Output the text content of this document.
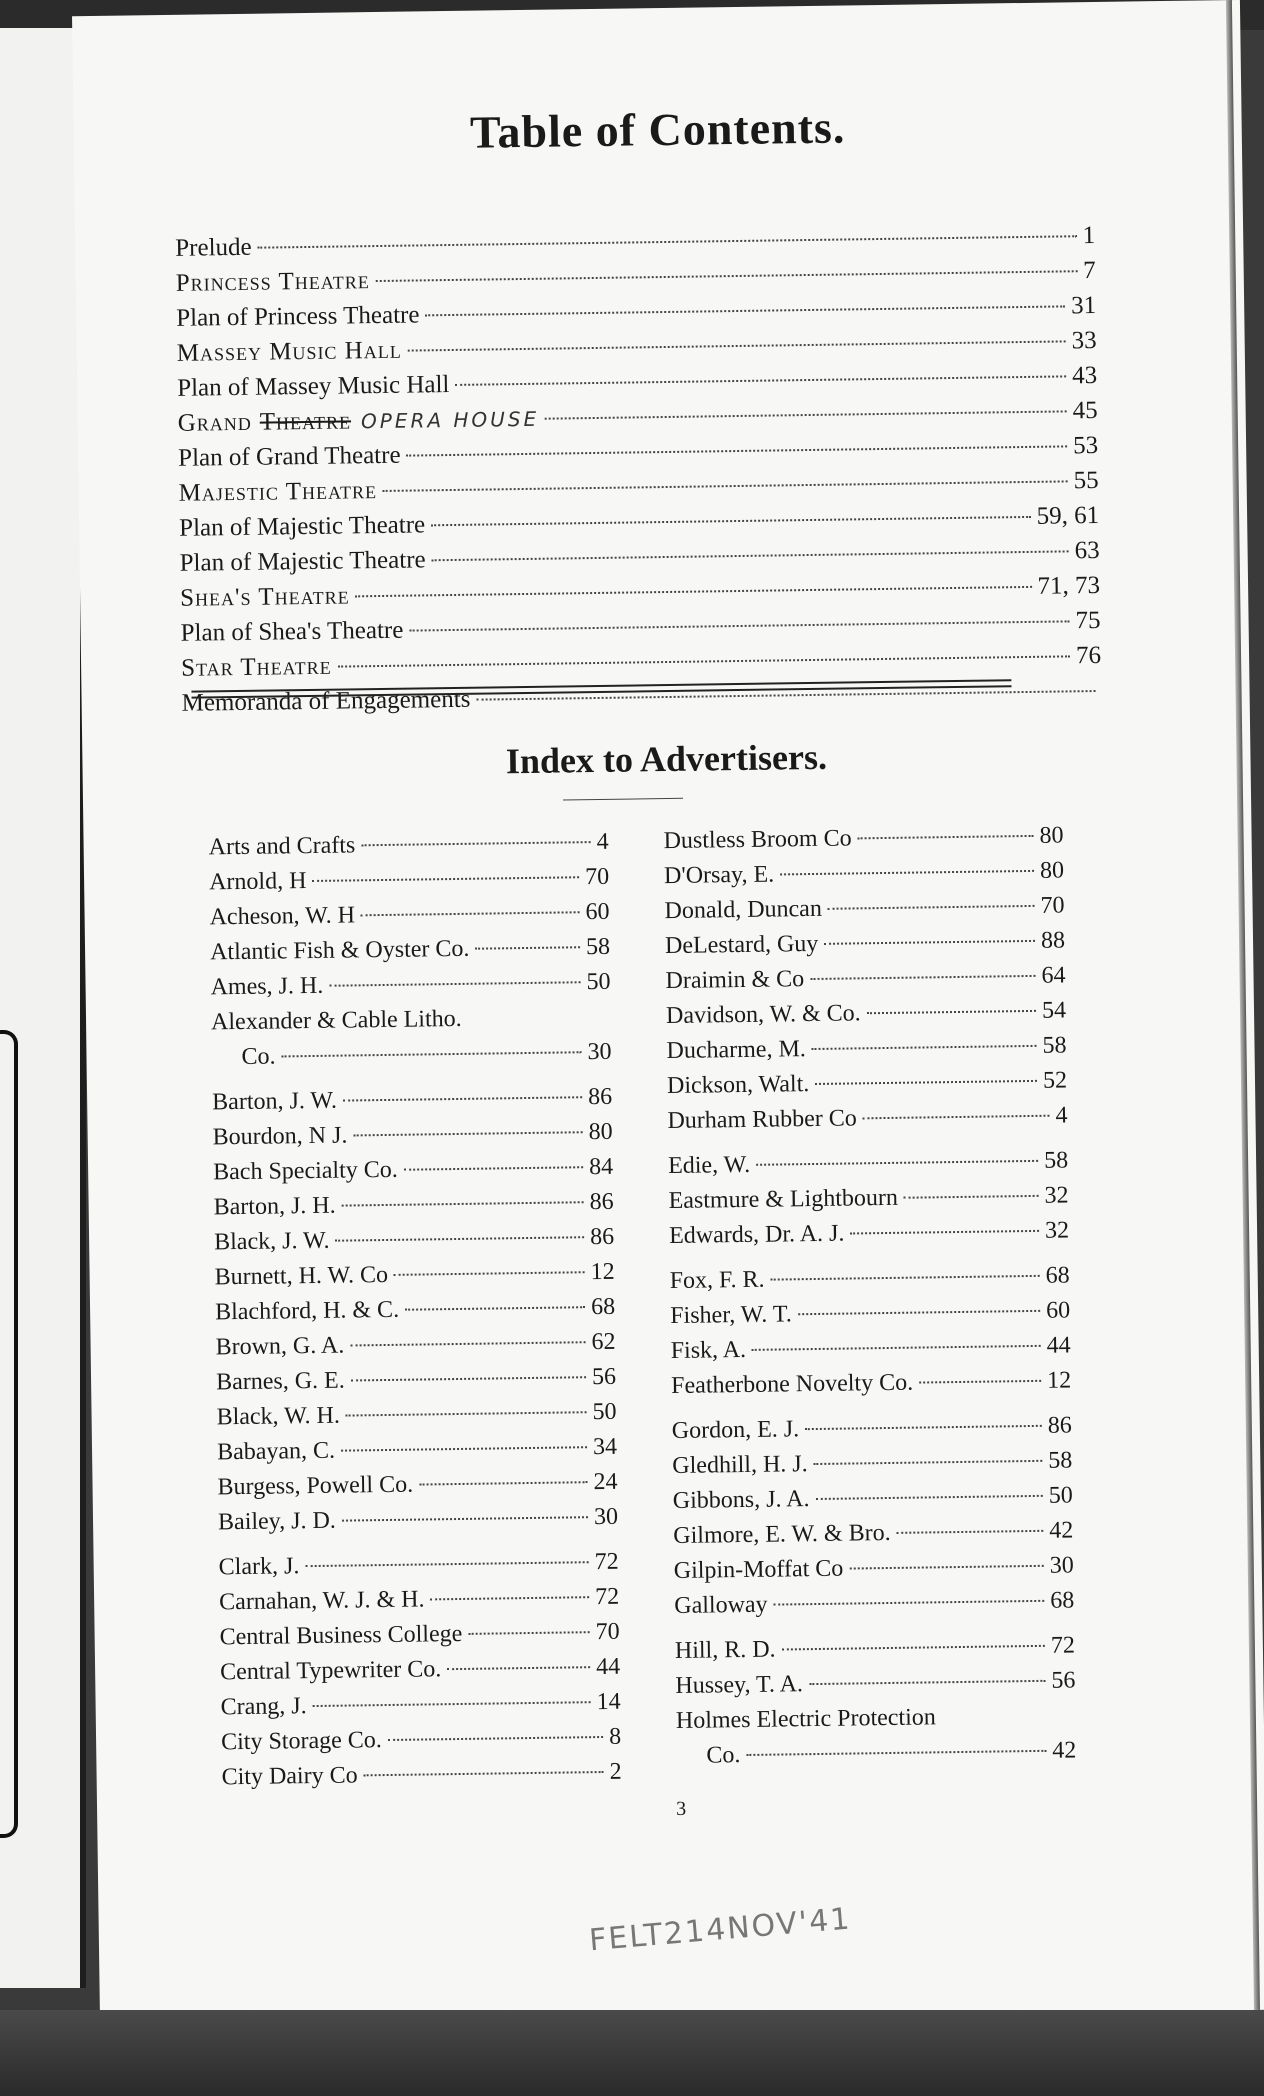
Table of Contents.
Prelude	1
Princess Theatre	7
Plan of Princess Theatre	31
Massey Music Hall	33
Plan of Massey Music Hall	43
Grand Theatre OPERA HOUSE	45
Plan of Grand Theatre	53
Majestic Theatre	55
Plan of Majestic Theatre	59, 61
Plan of Majestic Theatre	63
Shea's Theatre	71, 73
Plan of Shea's Theatre	75
Star Theatre	76
Memoranda of Engagements
Index to Advertisers.
Arts and Crafts	4
Arnold, H	70
Acheson, W. H	60
Atlantic Fish & Oyster Co.	58
Ames, J. H.	50
Alexander & Cable Litho.
Co.	30
Barton, J. W.	86
Bourdon, N J.	80
Bach Specialty Co.	84
Barton, J. H.	86
Black, J. W.	86
Burnett, H. W. Co	12
Blachford, H. & C.	68
Brown, G. A.	62
Barnes, G. E.	56
Black, W. H.	50
Babayan, C.	34
Burgess, Powell Co.	24
Bailey, J. D.	30
Clark, J.	72
Carnahan, W. J. & H.	72
Central Business College	70
Central Typewriter Co.	44
Crang, J.	14
City Storage Co.	8
City Dairy Co	2
Dustless Broom Co	80
D'Orsay, E.	80
Donald, Duncan	70
DeLestard, Guy	88
Draimin & Co	64
Davidson, W. & Co.	54
Ducharme, M.	58
Dickson, Walt.	52
Durham Rubber Co	4
Edie, W.	58
Eastmure & Lightbourn	32
Edwards, Dr. A. J.	32
Fox, F. R.	68
Fisher, W. T.	60
Fisk, A.	44
Featherbone Novelty Co.	12
Gordon, E. J.	86
Gledhill, H. J.	58
Gibbons, J. A.	50
Gilmore, E. W. & Bro.	42
Gilpin-Moffat Co	30
Galloway	68
Hill, R. D.	72
Hussey, T. A.	56
Holmes Electric Protection
Co.	42
3
FELT214NOV'41
